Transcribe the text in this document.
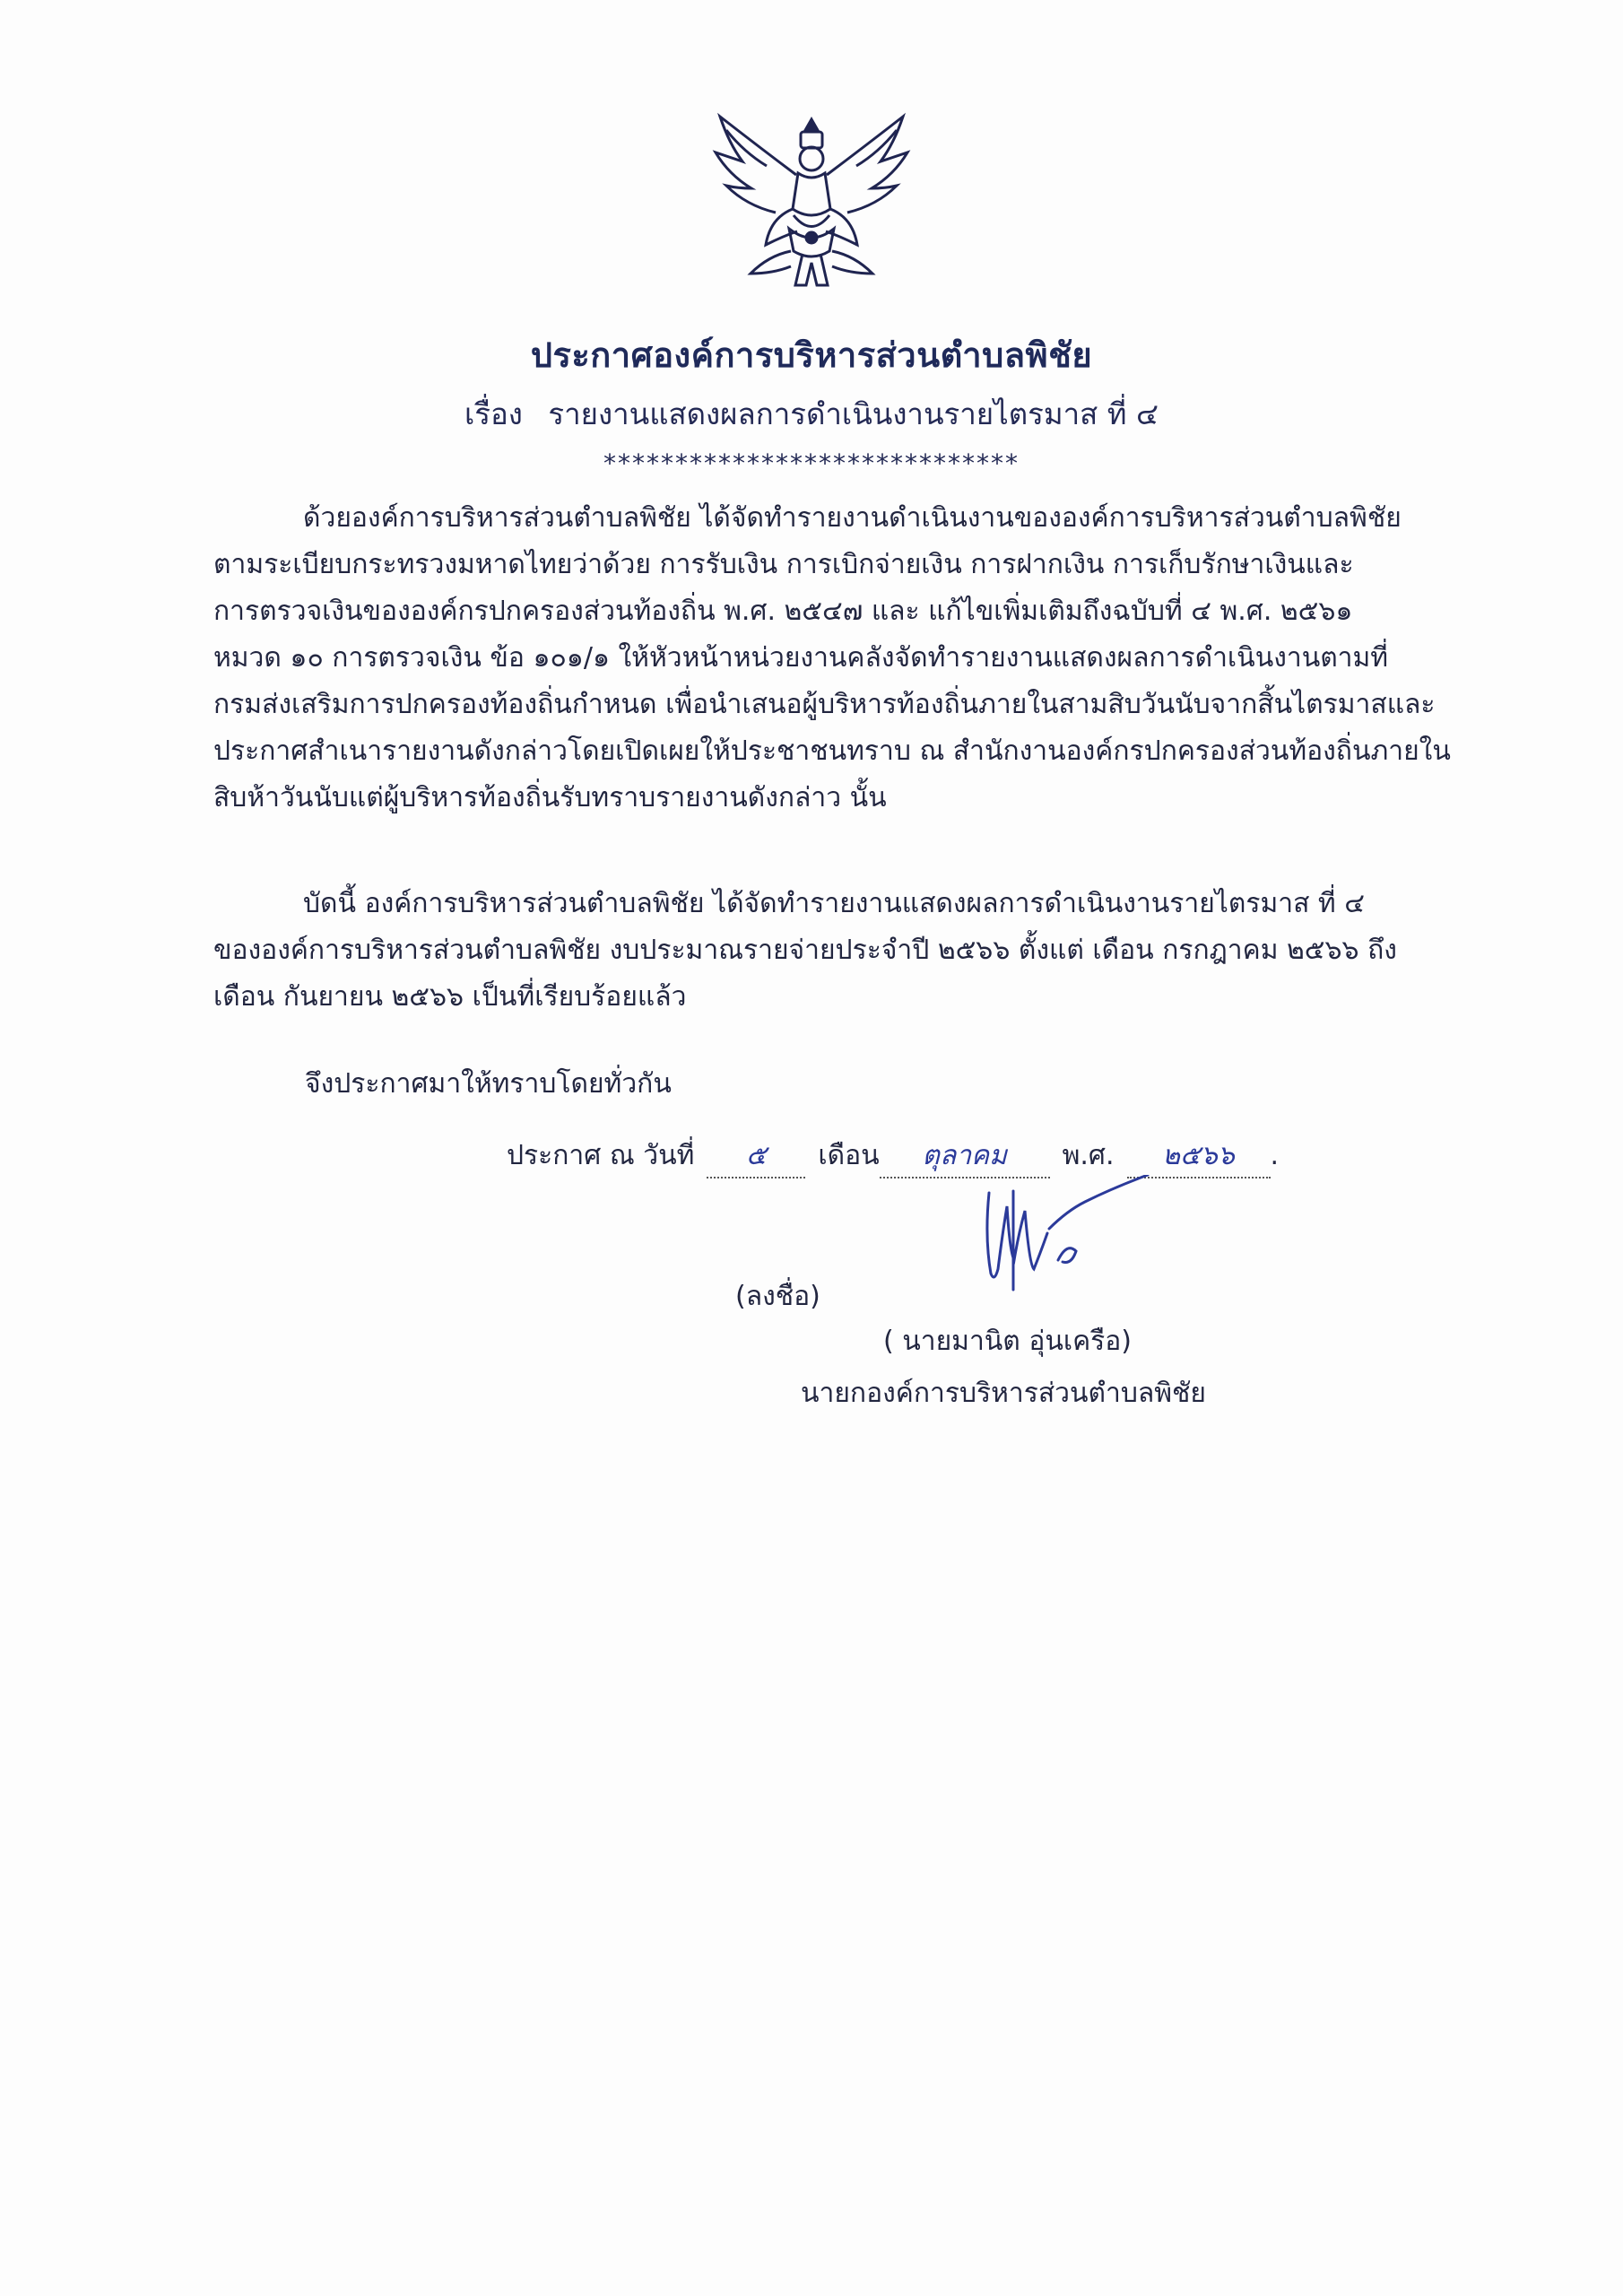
ประกาศองค์การบริหารส่วนตำบลพิชัย
เรื่อง รายงานแสดงผลการดำเนินงานรายไตรมาส ที่ ๔
*****************************
ด้วยองค์การบริหารส่วนตำบลพิชัย ได้จัดทำรายงานดำเนินงานขององค์การบริหารส่วนตำบลพิชัย
ตามระเบียบกระทรวงมหาดไทยว่าด้วย การรับเงิน การเบิกจ่ายเงิน การฝากเงิน การเก็บรักษาเงินและ
การตรวจเงินขององค์กรปกครองส่วนท้องถิ่น พ.ศ. ๒๕๔๗ และ แก้ไขเพิ่มเติมถึงฉบับที่ ๔ พ.ศ. ๒๕๖๑
หมวด ๑๐ การตรวจเงิน ข้อ ๑๐๑/๑ ให้หัวหน้าหน่วยงานคลังจัดทำรายงานแสดงผลการดำเนินงานตามที่
กรมส่งเสริมการปกครองท้องถิ่นกำหนด เพื่อนำเสนอผู้บริหารท้องถิ่นภายในสามสิบวันนับจากสิ้นไตรมาสและ
ประกาศสำเนารายงานดังกล่าวโดยเปิดเผยให้ประชาชนทราบ ณ สำนักงานองค์กรปกครองส่วนท้องถิ่นภายใน
สิบห้าวันนับแต่ผู้บริหารท้องถิ่นรับทราบรายงานดังกล่าว นั้น
บัดนี้ องค์การบริหารส่วนตำบลพิชัย ได้จัดทำรายงานแสดงผลการดำเนินงานรายไตรมาส ที่ ๔
ขององค์การบริหารส่วนตำบลพิชัย งบประมาณรายจ่ายประจำปี ๒๕๖๖ ตั้งแต่ เดือน กรกฎาคม ๒๕๖๖ ถึง
เดือน กันยายน ๒๕๖๖ เป็นที่เรียบร้อยแล้ว
จึงประกาศมาให้ทราบโดยทั่วกัน
ประกาศ ณ วันที่ ๕ เดือน ตุลาคม พ.ศ. ๒๕๖๖ .
(ลงชื่อ)
( นายมานิต อุ่นเครือ)
นายกองค์การบริหารส่วนตำบลพิชัย
